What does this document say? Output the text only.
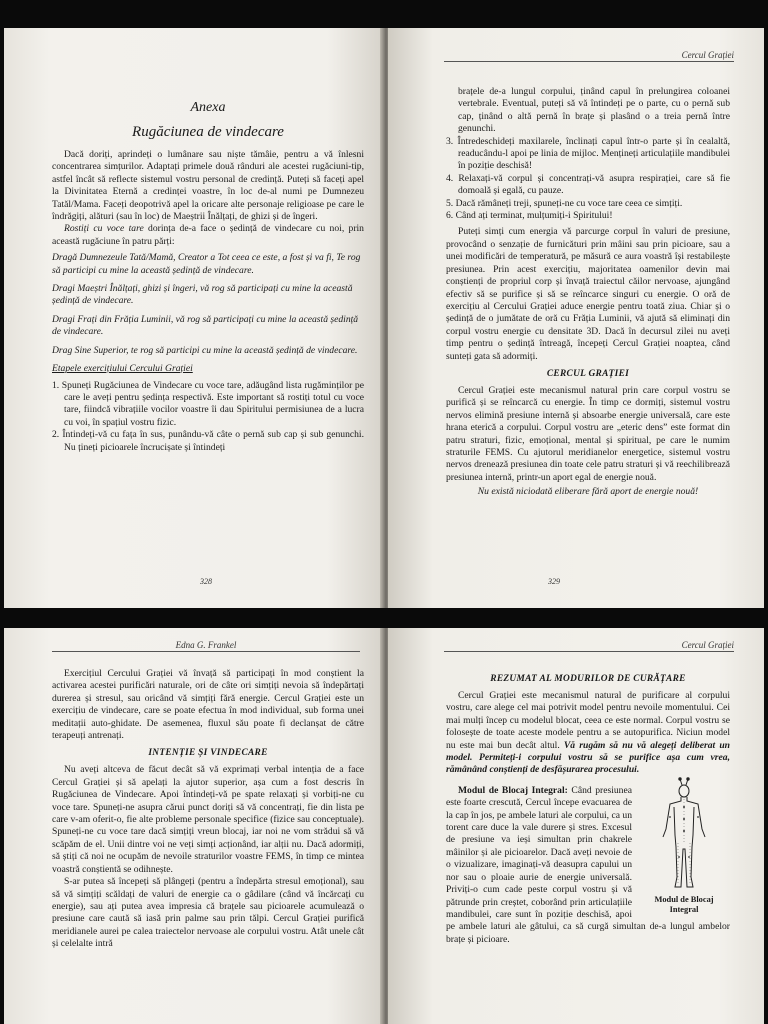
Anexa
Rugăciunea de vindecare

Dacă doriți, aprindeți o lumânare sau niște tămâie, pentru a vă înlesni concentrarea simțurilor. Adaptați primele două rânduri ale acestei rugăciuni-tip, astfel încât să reflecte sistemul vostru personal de credință. Puteți să faceți apel la Divinitatea Eternă a credinței voastre, în loc de-al numi pe Dumnezeu Tatăl/Mama. Faceți deopotrivă apel la oricare alte personaje religioase pe care le îndrăgiți, alături (sau în loc) de Maeștrii Înălțați, de ghizi și de îngeri.

Rostiți cu voce tare dorința de-a face o ședință de vindecare cu noi, prin această rugăciune în patru părți:

Dragă Dumnezeule Tată/Mamă, Creator a Tot ceea ce este, a fost și va fi, Te rog să participi cu mine la această ședință de vindecare.

Dragi Maeștri Înălțați, ghizi și îngeri, vă rog să participați cu mine la această ședință de vindecare.

Dragi Frați din Frăția Luminii, vă rog să participați cu mine la această ședință de vindecare.

Drag Sine Superior, te rog să participi cu mine la această ședință de vindecare.

Etapele exercițiului Cercului Grației

1. Spuneți Rugăciunea de Vindecare cu voce tare, adăugând lista rugăminților pe care le aveți pentru ședința respectivă. Este important să rostiți totul cu voce tare, fiindcă vibrațiile vocilor voastre îi dau Spiritului permisiunea de a lucra cu voi, în spațiul vostru fizic.

2. Întindeți-vă cu fața în sus, punându-vă câte o pernă sub cap și sub genunchi. Nu țineți picioarele încrucișate și întindeți

328
Cercul Grației

brațele de-a lungul corpului, ținând capul în prelungirea coloanei vertebrale. Eventual, puteți să vă întindeți pe o parte, cu o pernă sub cap, ținând o altă pernă în brațe și plasând o a treia pernă între genunchi.

3. Întredeschideți maxilarele, înclinați capul într-o parte și în cealaltă, readucându-l apoi pe linia de mijloc. Mențineți articulațiile mandibulei în poziție deschisă!

4. Relaxați-vă corpul și concentrați-vă asupra respirației, care să fie domoală și egală, cu pauze.

5. Dacă rămâneți treji, spuneți-ne cu voce tare ceea ce simțiți.

6. Când ați terminat, mulțumiți-i Spiritului!

Puteți simți cum energia vă parcurge corpul în valuri de presiune, provocând o senzație de furnicături prin mâini sau prin picioare, sau a unei modificări de temperatură, pe măsură ce aura voastră își restabilește presiunea. Prin acest exercițiu, majoritatea oamenilor devin mai conștienți de propriul corp și învață traiectul căilor nervoase, ajungând efectiv să se purifice și să se reîncarce singuri cu energie. O oră de exercițiu al Cercului Grației aduce energie pentru toată ziua. Chiar și o ședință de o jumătate de oră cu Frăția Luminii, vă ajută să eliminați din corpul vostru energie cu densitate 3D. Dacă în decursul zilei nu aveți timp pentru o ședință întreagă, începeți Cercul Grației noaptea, când sunteți gata să adormiți.

CERCUL GRAȚIEI

Cercul Grației este mecanismul natural prin care corpul vostru se purifică și se reîncarcă cu energie. În timp ce dormiți, sistemul vostru nervos elimină presiune internă și absoarbe energie universală, care este hrana eterică a corpului. Corpul vostru are „eteric dens” este format din patru straturi, fizic, emoțional, mental și spiritual, pe care le numim straturile FEMS. Cu ajutorul meridianelor energetice, sistemul vostru nervos drenează presiunea din toate cele patru straturi și vă reechilibrează presiunea internă, printr-un aport egal de energie nouă.

Nu există niciodată eliberare fără aport de energie nouă!

329
Edna G. Frankel

Exercițiul Cercului Grației vă învață să participați în mod conștient la activarea acestei purificări naturale, ori de câte ori simțiți nevoia să îndepărtați durerea și stresul, sau oricând vă simțiți fără energie. Cercul Grației este un exercițiu de vindecare, care se poate efectua în mod individual, sub forma unei meditații auto-ghidate. De asemenea, fluxul său poate fi declanșat de către terapeuți antrenați.

INTENȚIE ȘI VINDECARE

Nu aveți altceva de făcut decât să vă exprimați verbal intenția de a face Cercul Grației și să apelați la ajutor superior, așa cum a fost descris în Rugăciunea de Vindecare. Apoi întindeți-vă pe spate relaxați și vorbiți-ne cu voce tare. Spuneți-ne asupra cărui punct doriți să vă concentrați, fie din lista pe care v-am oferit-o, fie alte probleme personale specifice (fizice sau conceptuale). Spuneți-ne cu voce tare dacă simțiți vreun blocaj, iar noi ne vom strădui să vă scăpăm de el. Unii dintre voi ne veți simți acționând, iar alții nu. Dacă adormiți, să știți că noi ne ocupăm de nevoile straturilor voastre FEMS, în timp ce mintea voastră conștientă se odihnește.

S-ar putea să începeți să plângeți (pentru a îndepărta stresul emoțional), sau să vă simțiți scăldați de valuri de energie ca o gâdilare (când vă încărcați cu energie), sau ați putea avea impresia că brațele sau picioarele acumulează o presiune care caută să iasă prin palme sau prin tălpi. Cercul Grației purifică meridianele aurei pe calea traiectelor nervoase ale corpului vostru. Atât unele cât și celelalte intră

Cercul Grației
REZUMAT AL MODURILOR DE CURĂȚARE

Cercul Grației este mecanismul natural de purificare al corpului vostru, care alege cel mai potrivit model pentru nevoile momentului. Cei mai mulți încep cu modelul blocat, ceea ce este normal. Corpul vostru se folosește de toate aceste modele pentru a se autopurifica. Niciun model nu este mai bun decât altul. Vă rugăm să nu vă alegeți deliberat un model. Permiteți-i corpului vostru să se purifice așa cum vrea, rămânând conștienți de desfășurarea procesului.

Modul de Blocaj
Integral

Modul de Blocaj Integral: Când presiunea este foarte crescută, Cercul începe evacuarea de la cap în jos, pe ambele laturi ale corpului, ca un torent care duce la vale durere și stres. Excesul de presiune va ieși simultan prin chakrele mâinilor și ale picioarelor. Dacă aveți nevoie de o vizualizare, imaginați-vă deasupra capului un nor sau o ploaie aurie de energie universală. Priviți-o cum cade peste corpul vostru și vă pătrunde prin creștet, coborând prin articulațiile mandibulei, care sunt în poziție deschisă, apoi pe ambele laturi ale gâtului, ca să curgă simultan de-a lungul ambelor brațe și picioare.
